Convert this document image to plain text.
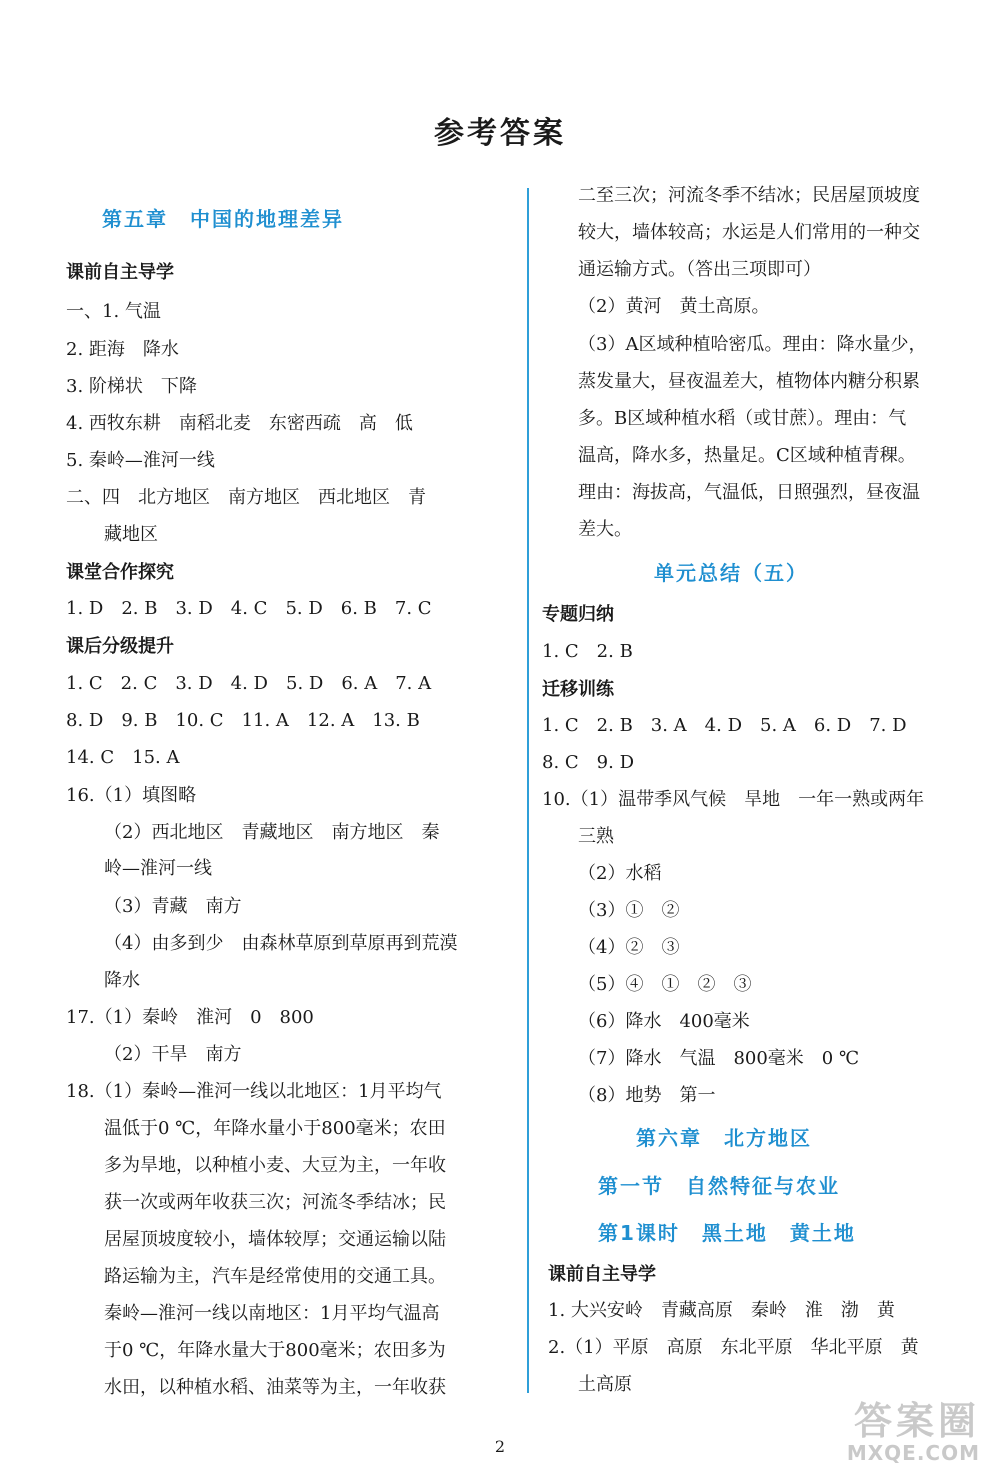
参考答案
第五章　中国的地理差异
课前自主导学
一、1. 气温
2. 距海　降水
3. 阶梯状　下降
4. 西牧东耕　南稻北麦　东密西疏　高　低
5. 秦岭—淮河一线
二、四　北方地区　南方地区　西北地区　青
藏地区
课堂合作探究
1. D　2. B　3. D　4. C　5. D　6. B　7. C
课后分级提升
1. C　2. C　3. D　4. D　5. D　6. A　7. A
8. D　9. B　10. C　11. A　12. A　13. B
14. C　15. A
16.（1）填图略
（2）西北地区　青藏地区　南方地区　秦
岭—淮河一线
（3）青藏　南方
（4）由多到少　由森林草原到草原再到荒漠
降水
17.（1）秦岭　淮河　0　800
（2）干旱　南方
18.（1）秦岭—淮河一线以北地区：1月平均气
温低于0 ℃，年降水量小于800毫米；农田
多为旱地，以种植小麦、大豆为主，一年收
获一次或两年收获三次；河流冬季结冰；民
居屋顶坡度较小，墙体较厚；交通运输以陆
路运输为主，汽车是经常使用的交通工具。
秦岭—淮河一线以南地区：1月平均气温高
于0 ℃，年降水量大于800毫米；农田多为
水田，以种植水稻、油菜等为主，一年收获
二至三次；河流冬季不结冰；民居屋顶坡度
较大，墙体较高；水运是人们常用的一种交
通运输方式。（答出三项即可）
（2）黄河　黄土高原。
（3）A区域种植哈密瓜。理由：降水量少，
蒸发量大，昼夜温差大，植物体内糖分积累
多。B区域种植水稻（或甘蔗）。理由：气
温高，降水多，热量足。C区域种植青稞。
理由：海拔高，气温低，日照强烈，昼夜温
差大。
单元总结（五）
专题归纳
1. C　2. B
迁移训练
1. C　2. B　3. A　4. D　5. A　6. D　7. D
8. C　9. D
10.（1）温带季风气候　旱地　一年一熟或两年
三熟
（2）水稻
（3）①　②
（4）②　③
（5）④　①　②　③
（6）降水　400毫米
（7）降水　气温　800毫米　0 ℃
（8）地势　第一
第六章　北方地区
第一节　自然特征与农业
第1课时　黑土地　黄土地
课前自主导学
1. 大兴安岭　青藏高原　秦岭　淮　渤　黄
2.（1）平原　高原　东北平原　华北平原　黄
土高原
2
答案圈
MXQE.COM
